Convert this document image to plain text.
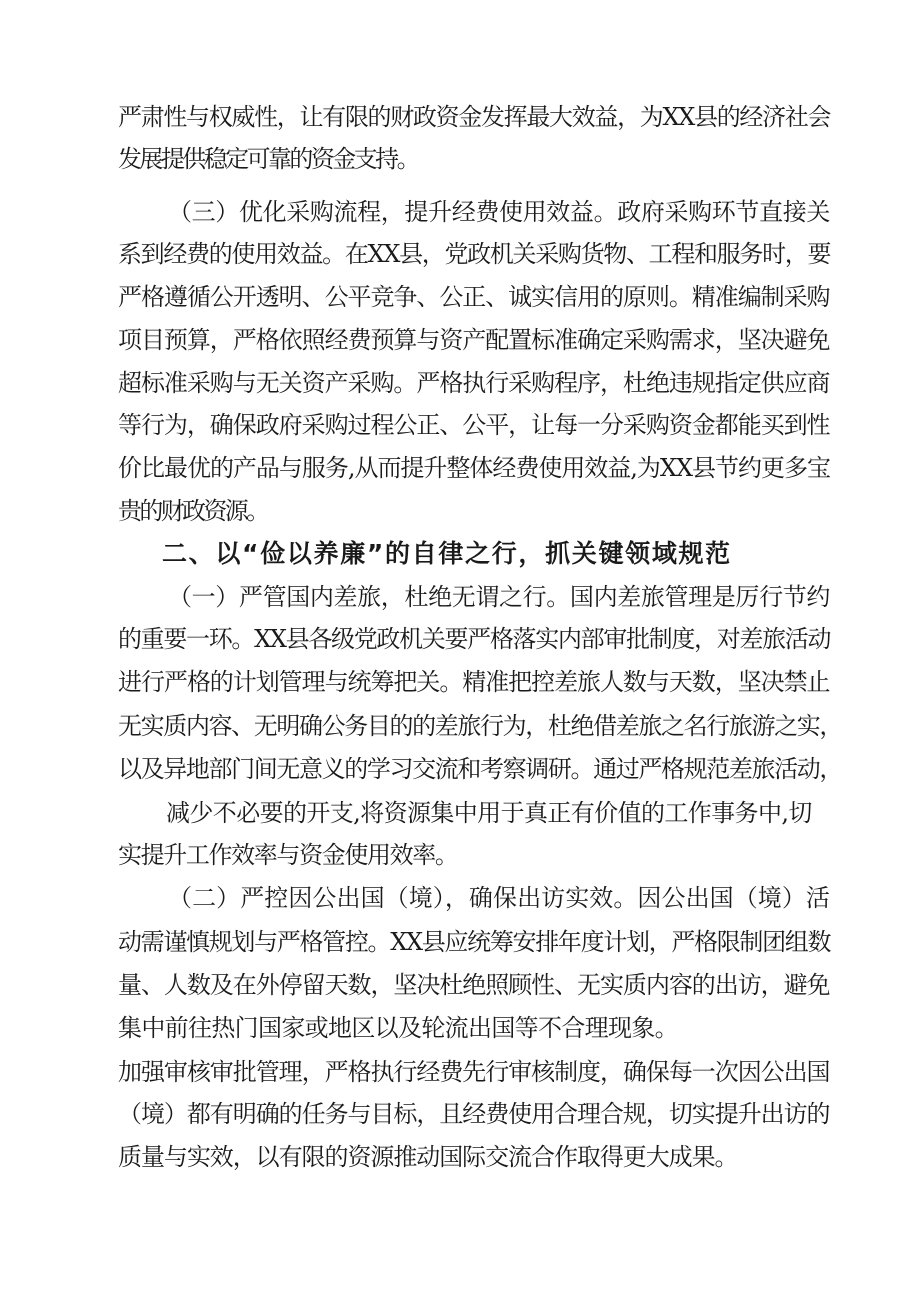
严肃性与权威性，让有限的财政资金发挥最大效益，为XX县的经济社会
发展提供稳定可靠的资金支持。
（三）优化采购流程，提升经费使用效益。政府采购环节直接关
系到经费的使用效益。在XX县，党政机关采购货物、工程和服务时，要
严格遵循公开透明、公平竞争、公正、诚实信用的原则。精准编制采购
项目预算，严格依照经费预算与资产配置标准确定采购需求，坚决避免
超标准采购与无关资产采购。严格执行采购程序，杜绝违规指定供应商
等行为，确保政府采购过程公正、公平，让每一分采购资金都能买到性
价比最优的产品与服务,从而提升整体经费使用效益,为XX县节约更多宝
贵的财政资源。
二、以“俭以养廉”的自律之行，抓关键领域规范
（一）严管国内差旅，杜绝无谓之行。国内差旅管理是厉行节约
的重要一环。XX县各级党政机关要严格落实内部审批制度，对差旅活动
进行严格的计划管理与统筹把关。精准把控差旅人数与天数，坚决禁止
无实质内容、无明确公务目的的差旅行为，杜绝借差旅之名行旅游之实，
以及异地部门间无意义的学习交流和考察调研。通过严格规范差旅活动，
减少不必要的开支,将资源集中用于真正有价值的工作事务中,切
实提升工作效率与资金使用效率。
（二）严控因公出国（境），确保出访实效。因公出国（境）活
动需谨慎规划与严格管控。XX县应统筹安排年度计划，严格限制团组数
量、人数及在外停留天数，坚决杜绝照顾性、无实质内容的出访，避免
集中前往热门国家或地区以及轮流出国等不合理现象。
加强审核审批管理，严格执行经费先行审核制度，确保每一次因公出国
（境）都有明确的任务与目标，且经费使用合理合规，切实提升出访的
质量与实效，以有限的资源推动国际交流合作取得更大成果。
